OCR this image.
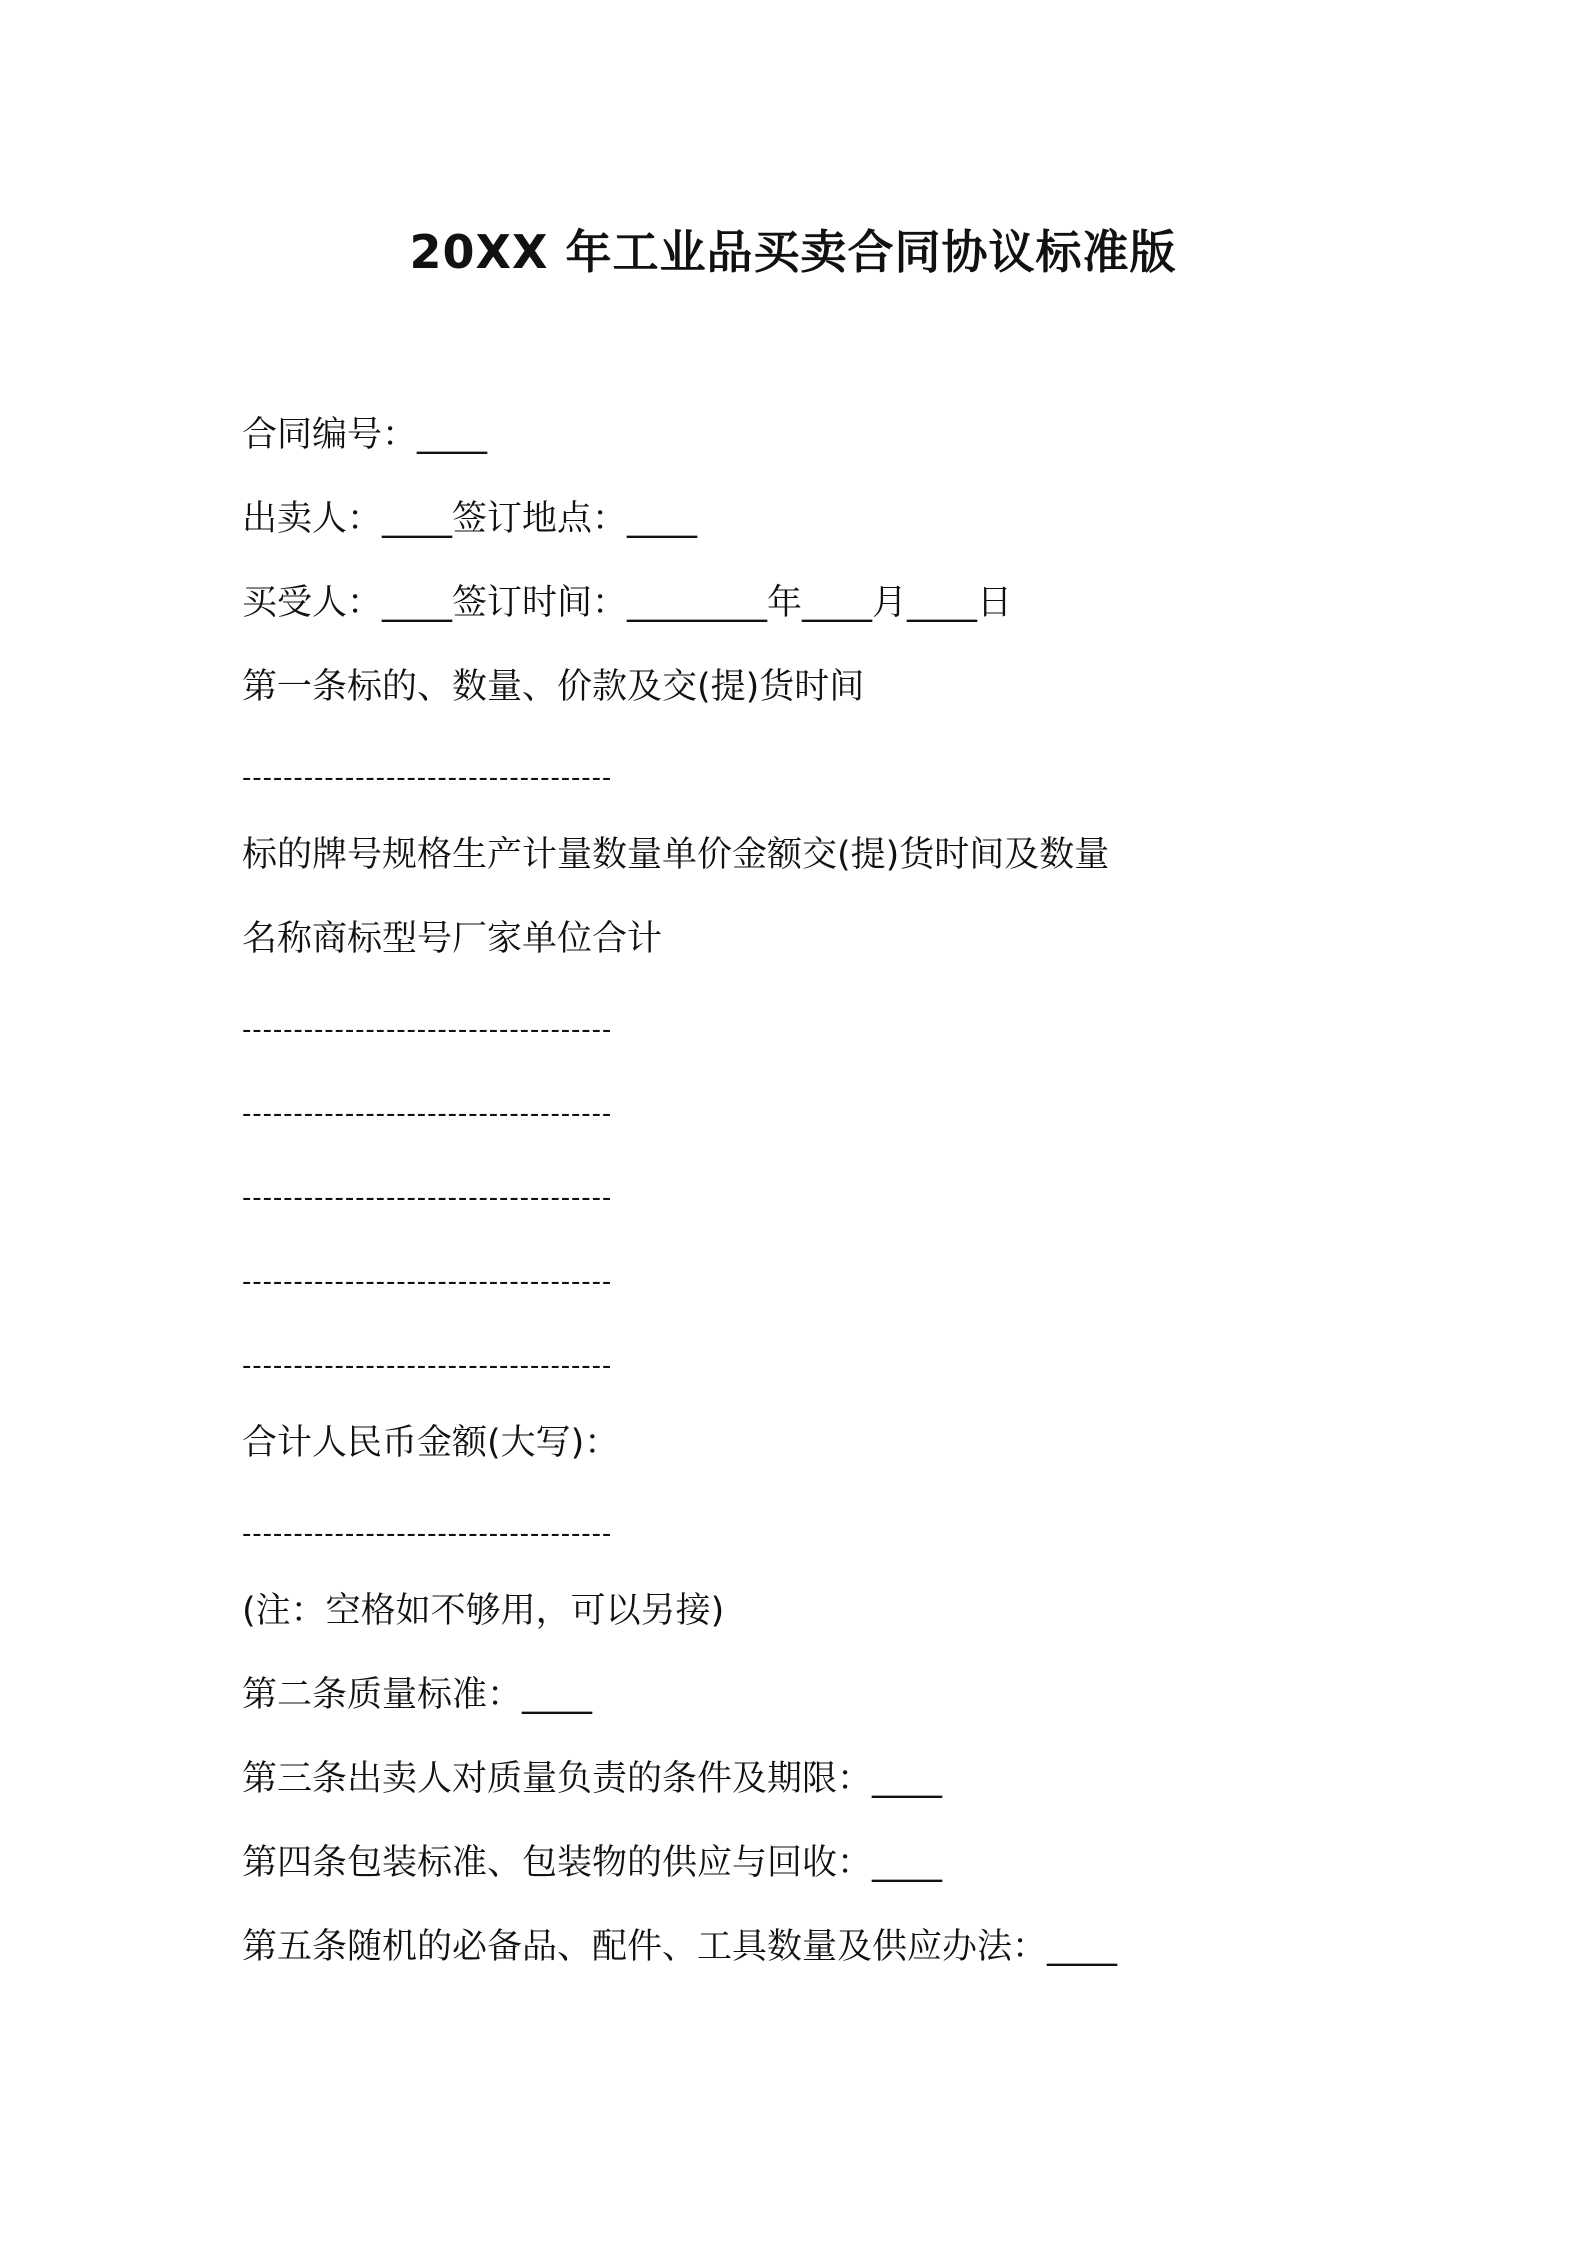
20XX 年工业品买卖合同协议标准版
合同编号：____
出卖人：____签订地点：____
买受人：____签订时间：________年____月____日
第一条标的、数量、价款及交(提)货时间
------------------------------------
标的牌号规格生产计量数量单价金额交(提)货时间及数量
名称商标型号厂家单位合计
------------------------------------
------------------------------------
------------------------------------
------------------------------------
------------------------------------
合计人民币金额(大写)：
------------------------------------
(注：空格如不够用，可以另接)
第二条质量标准：____
第三条出卖人对质量负责的条件及期限：____
第四条包装标准、包装物的供应与回收：____
第五条随机的必备品、配件、工具数量及供应办法：____
